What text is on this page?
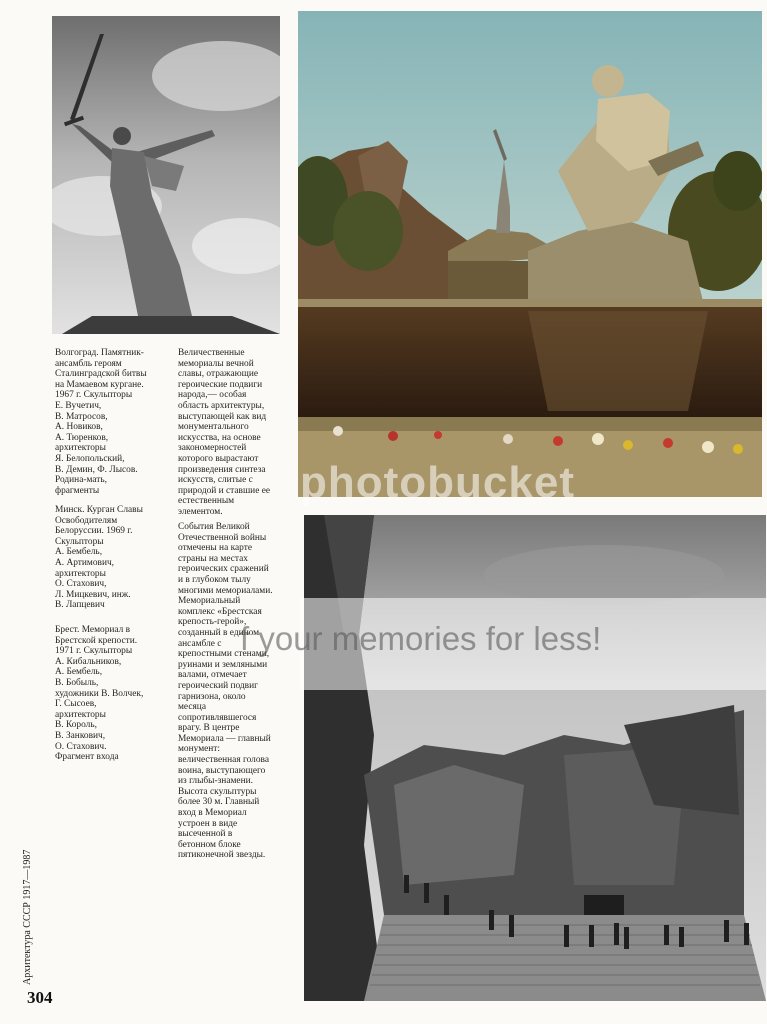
Волгоград. Памятник-
ансамбль героям
Сталинградской битвы
на Мамаевом кургане.
1967 г. Скульпторы
Е. Вучетич,
В. Матросов,
А. Новиков,
А. Тюренков,
архитекторы
Я. Белопольский,
В. Демин, Ф. Лысов.
Родина-мать,
фрагменты
Величественные
мемориалы вечной
славы, отражающие
героические подвиги
народа,— особая
область архитектуры,
выступающей как вид
монументального
искусства, на основе
закономерностей
которого вырастают
произведения синтеза
искусств, слитые с
природой и ставшие ее
естественным
элементом.
Минск. Курган Славы
Освободителям
Белоруссии. 1969 г.
Скульпторы
А. Бембель,
А. Артимович,
архитекторы
О. Стахович,
Л. Мицкевич, инж.
В. Лапцевич
Брест. Мемориал в
Брестской крепости.
1971 г. Скульпторы
А. Кибальников,
А. Бембель,
В. Бобыль,
художники В. Волчек,
Г. Сысоев,
архитекторы
В. Король,
В. Занкович,
О. Стахович.
Фрагмент входа
События Великой
Отечественной войны
отмечены на карте
страны на местах
героических сражений
и в глубоком тылу
многими мемориалами.
Мемориальный
комплекс «Брестская
крепость-герой»,
созданный в едином
ансамбле с
крепостными стенами,
руинами и земляными
валами, отмечает
героический подвиг
гарнизона, около
месяца
сопротивлявшегося
врагу. В центре
Мемориала — главный
монумент:
величественная голова
воина, выступающего
из глыбы-знамени.
Высота скульптуры
более 30 м. Главный
вход в Мемориал
устроен в виде
высеченной в
бетонном блоке
пятиконечной звезды.
Архитектура СССР 1917—1987
304
photobucket
f your memories for less!
